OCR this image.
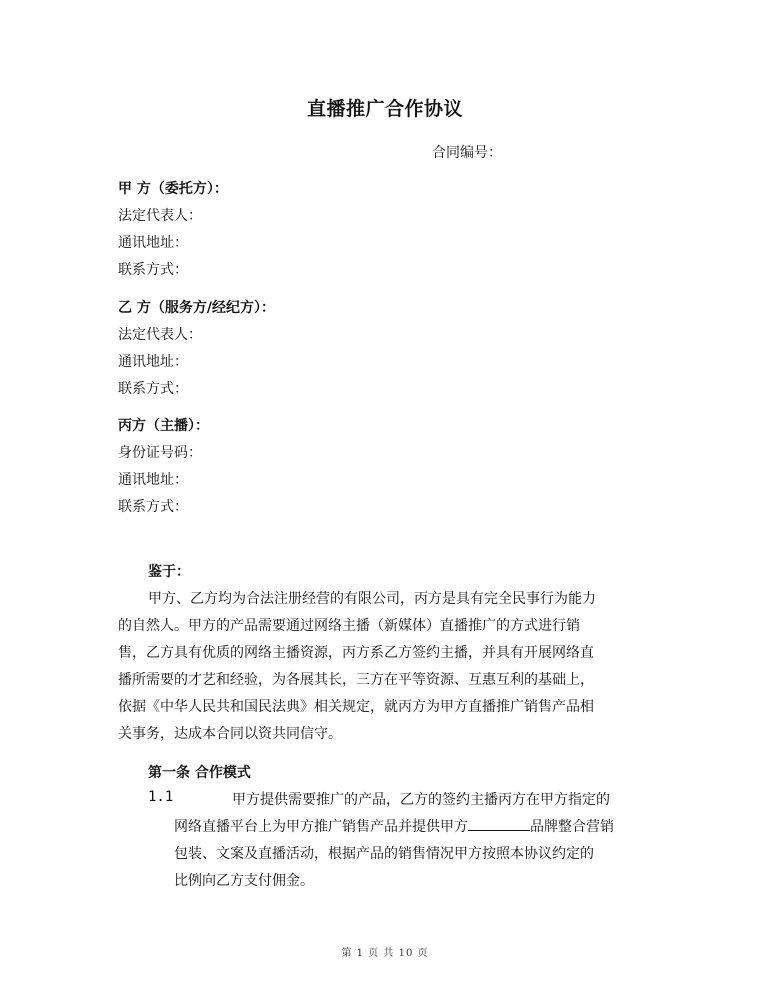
直播推广合作协议
合同编号：
甲 方（委托方）：
法定代表人：
通讯地址：
联系方式：
乙 方（服务方/经纪方）：
法定代表人：
通讯地址：
联系方式：
丙方（主播）：
身份证号码：
通讯地址：
联系方式：
鉴于：
甲方、乙方均为合法注册经营的有限公司，丙方是具有完全民事行为能力
的自然人。甲方的产品需要通过网络主播（新媒体）直播推广的方式进行销
售，乙方具有优质的网络主播资源，丙方系乙方签约主播，并具有开展网络直
播所需要的才艺和经验，为各展其长，三方在平等资源、互惠互利的基础上，
依据《中华人民共和国民法典》相关规定，就丙方为甲方直播推广销售产品相
关事务，达成本合同以资共同信守。
第一条 合作模式
1.1	甲方提供需要推广的产品，乙方的签约主播丙方在甲方指定的
网络直播平台上为甲方推广销售产品并提供甲方	品牌整合营销
包装、文案及直播活动，根据产品的销售情况甲方按照本协议约定的
比例向乙方支付佣金。
第 1 页 共 10 页
